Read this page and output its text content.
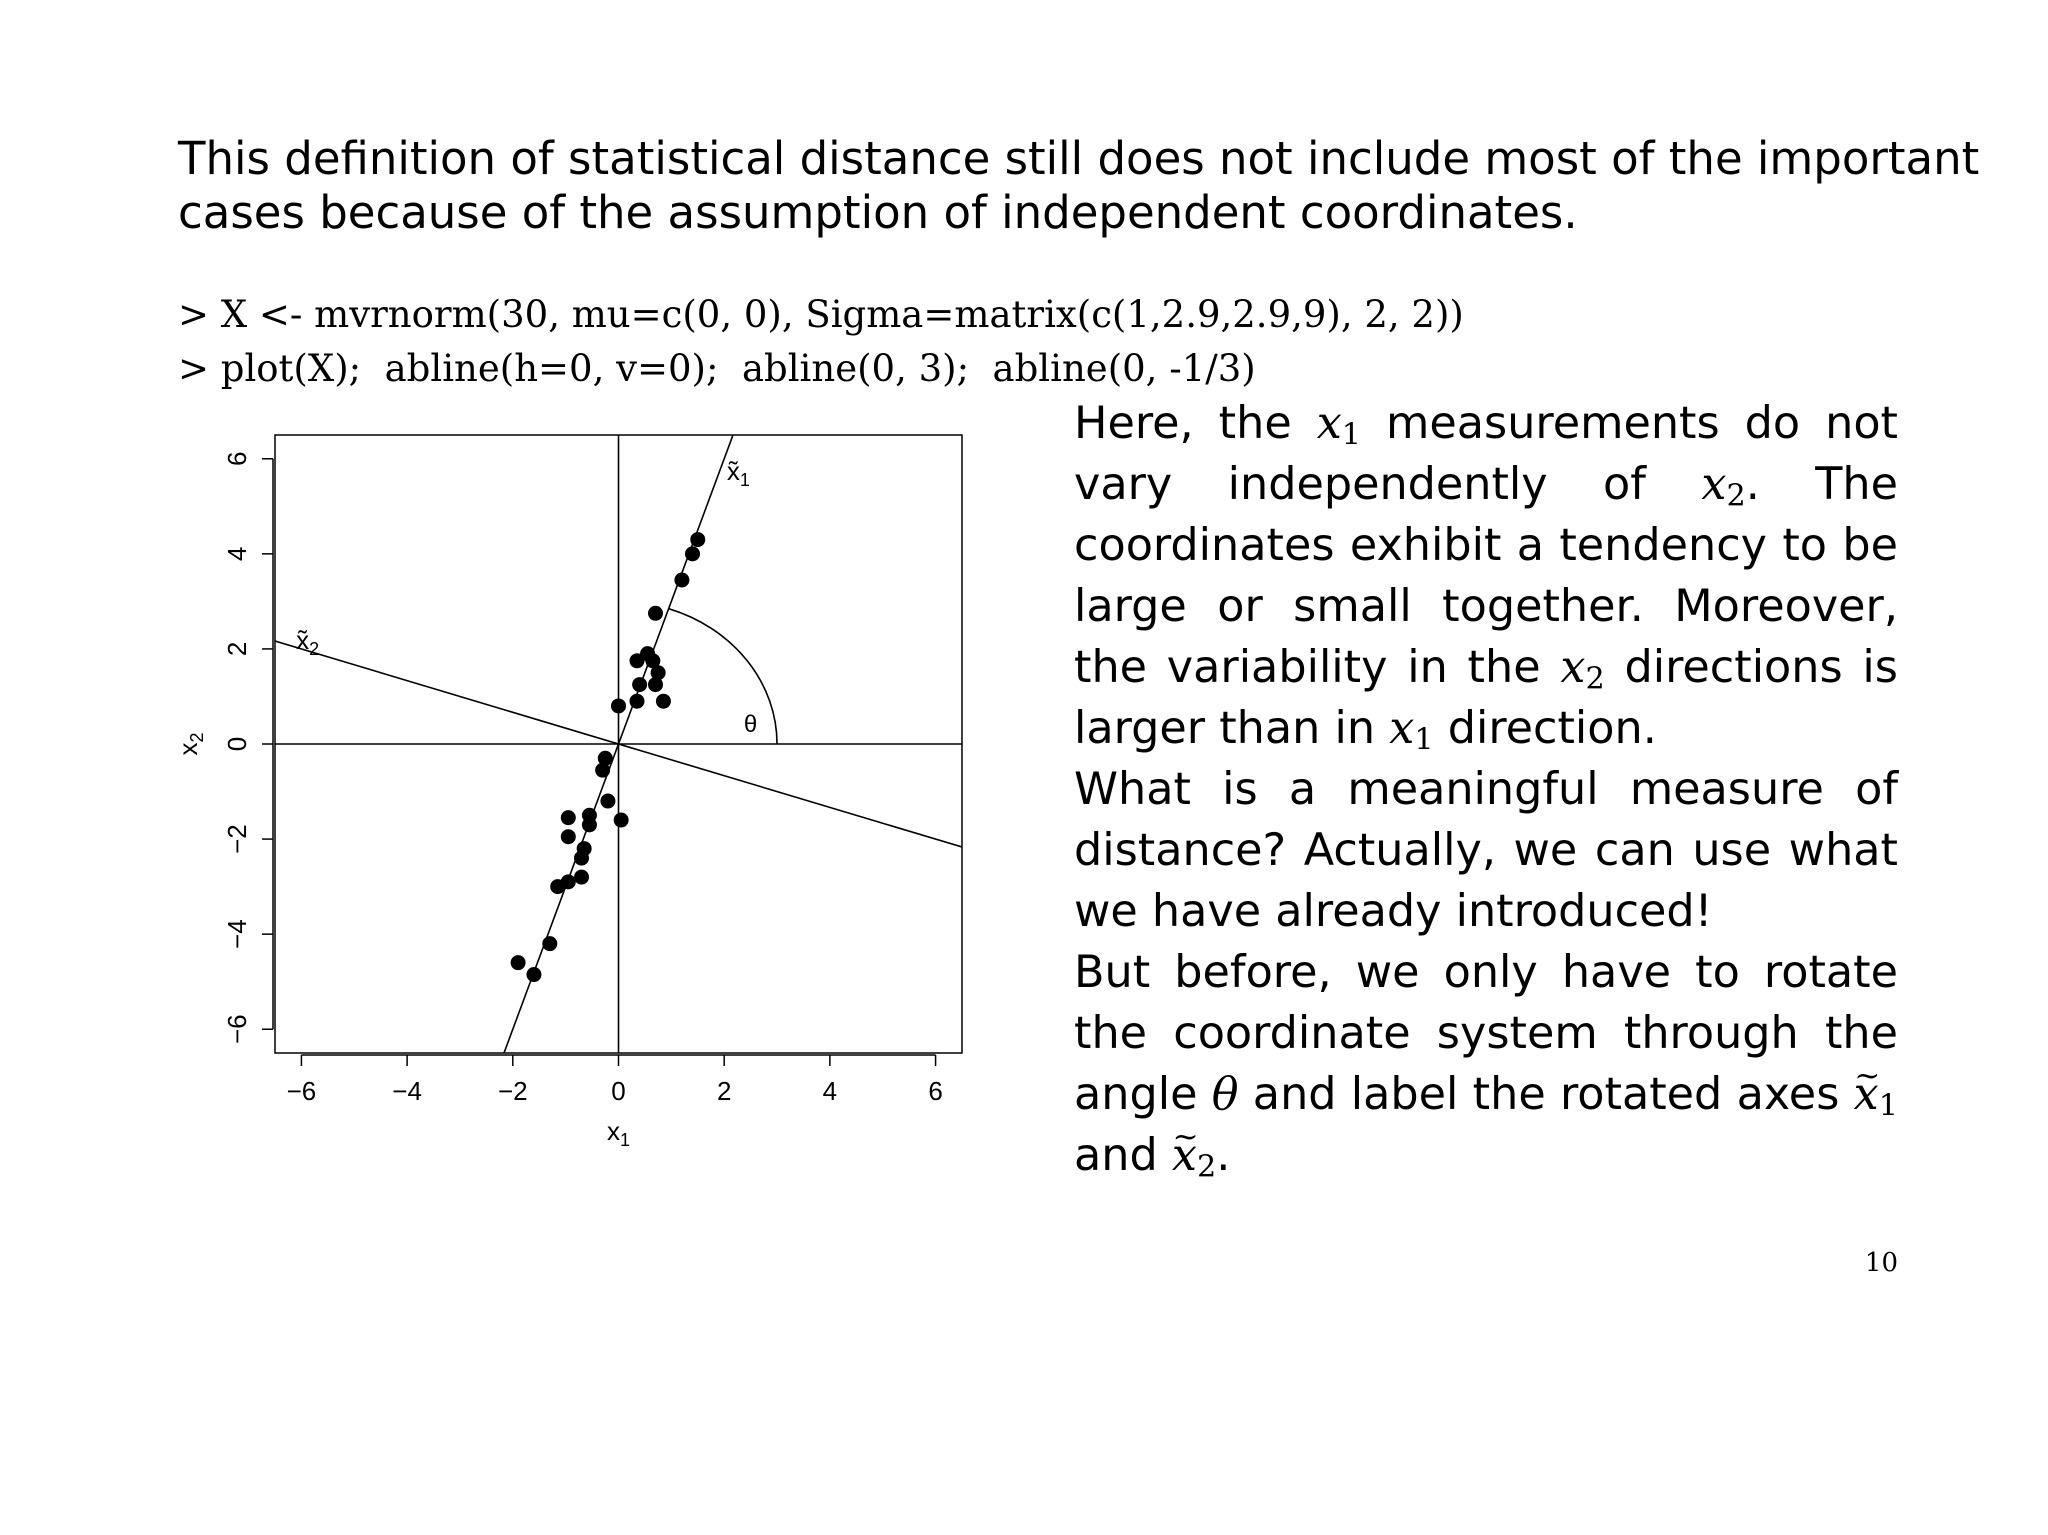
This definition of statistical distance still does not include most of the important
cases because of the assumption of independent coordinates.
> X <- mvrnorm(30, mu=c(0, 0), Sigma=matrix(c(1,2.9,2.9,9), 2, 2))
> plot(X);  abline(h=0, v=0);  abline(0, 3);  abline(0, -1/3)
−6	−4	−2	0	2	4	6
$x_1$
−6
−4
−2
0
2
4
6
$x_2$
$x̃_1$
$x̃_2$
θ

Here, the $x_1$ measurements do not vary independently of $x_2$. The coordinates exhibit a tendency to be large or small together. Moreover, the variability in the $x_2$ directions is larger than in $x_1$ direction.

What is a meaningful measure of distance? Actually, we can use what we have already introduced!

But before, we only have to rotate the coordinate system through the angle θ and label the rotated axes ~ $x_1$ and ~ $x_2$.

10
